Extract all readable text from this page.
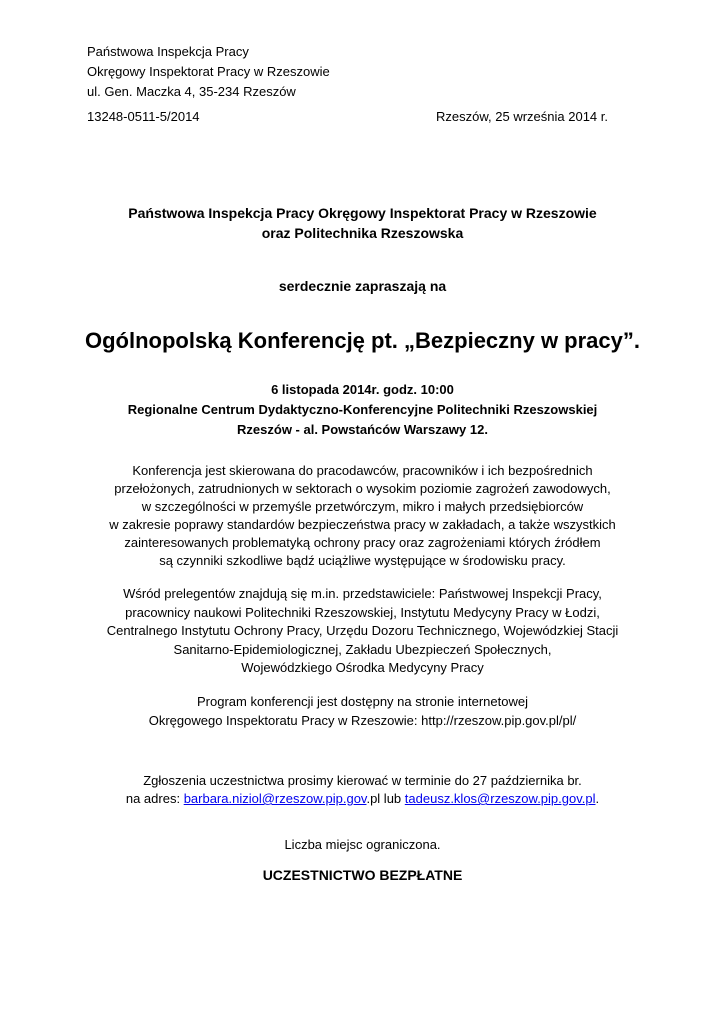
Państwowa Inspekcja Pracy
Okręgowy Inspektorat Pracy w Rzeszowie
ul. Gen. Maczka 4, 35-234 Rzeszów
13248-0511-5/2014	Rzeszów, 25 września 2014 r.
Państwowa Inspekcja Pracy Okręgowy Inspektorat Pracy w Rzeszowie
oraz Politechnika Rzeszowska
serdecznie zapraszają na
Ogólnopolską Konferencję pt. „Bezpieczny w pracy”.
6 listopada 2014r. godz. 10:00
Regionalne Centrum Dydaktyczno-Konferencyjne Politechniki Rzeszowskiej
Rzeszów - al. Powstańców Warszawy 12.
Konferencja jest skierowana do pracodawców, pracowników i ich bezpośrednich
przełożonych, zatrudnionych w sektorach o wysokim poziomie zagrożeń zawodowych,
w szczególności w przemyśle przetwórczym, mikro i małych przedsiębiorców
w zakresie poprawy standardów bezpieczeństwa pracy w zakładach, a także wszystkich
zainteresowanych problematyką ochrony pracy oraz zagrożeniami których źródłem
są czynniki szkodliwe bądź uciążliwe występujące w środowisku pracy.
Wśród prelegentów znajdują się m.in. przedstawiciele: Państwowej Inspekcji Pracy,
pracownicy naukowi Politechniki Rzeszowskiej, Instytutu Medycyny Pracy w Łodzi,
Centralnego Instytutu Ochrony Pracy, Urzędu Dozoru Technicznego, Wojewódzkiej Stacji
Sanitarno-Epidemiologicznej, Zakładu Ubezpieczeń Społecznych,
Wojewódzkiego Ośrodka Medycyny Pracy
Program konferencji jest dostępny na stronie internetowej
Okręgowego Inspektoratu Pracy w Rzeszowie: http://rzeszow.pip.gov.pl/pl/
Zgłoszenia uczestnictwa prosimy kierować w terminie do 27 października br.
na adres: barbara.niziol@rzeszow.pip.gov.pl lub tadeusz.klos@rzeszow.pip.gov.pl.
Liczba miejsc ograniczona.
UCZESTNICTWO BEZPŁATNE
